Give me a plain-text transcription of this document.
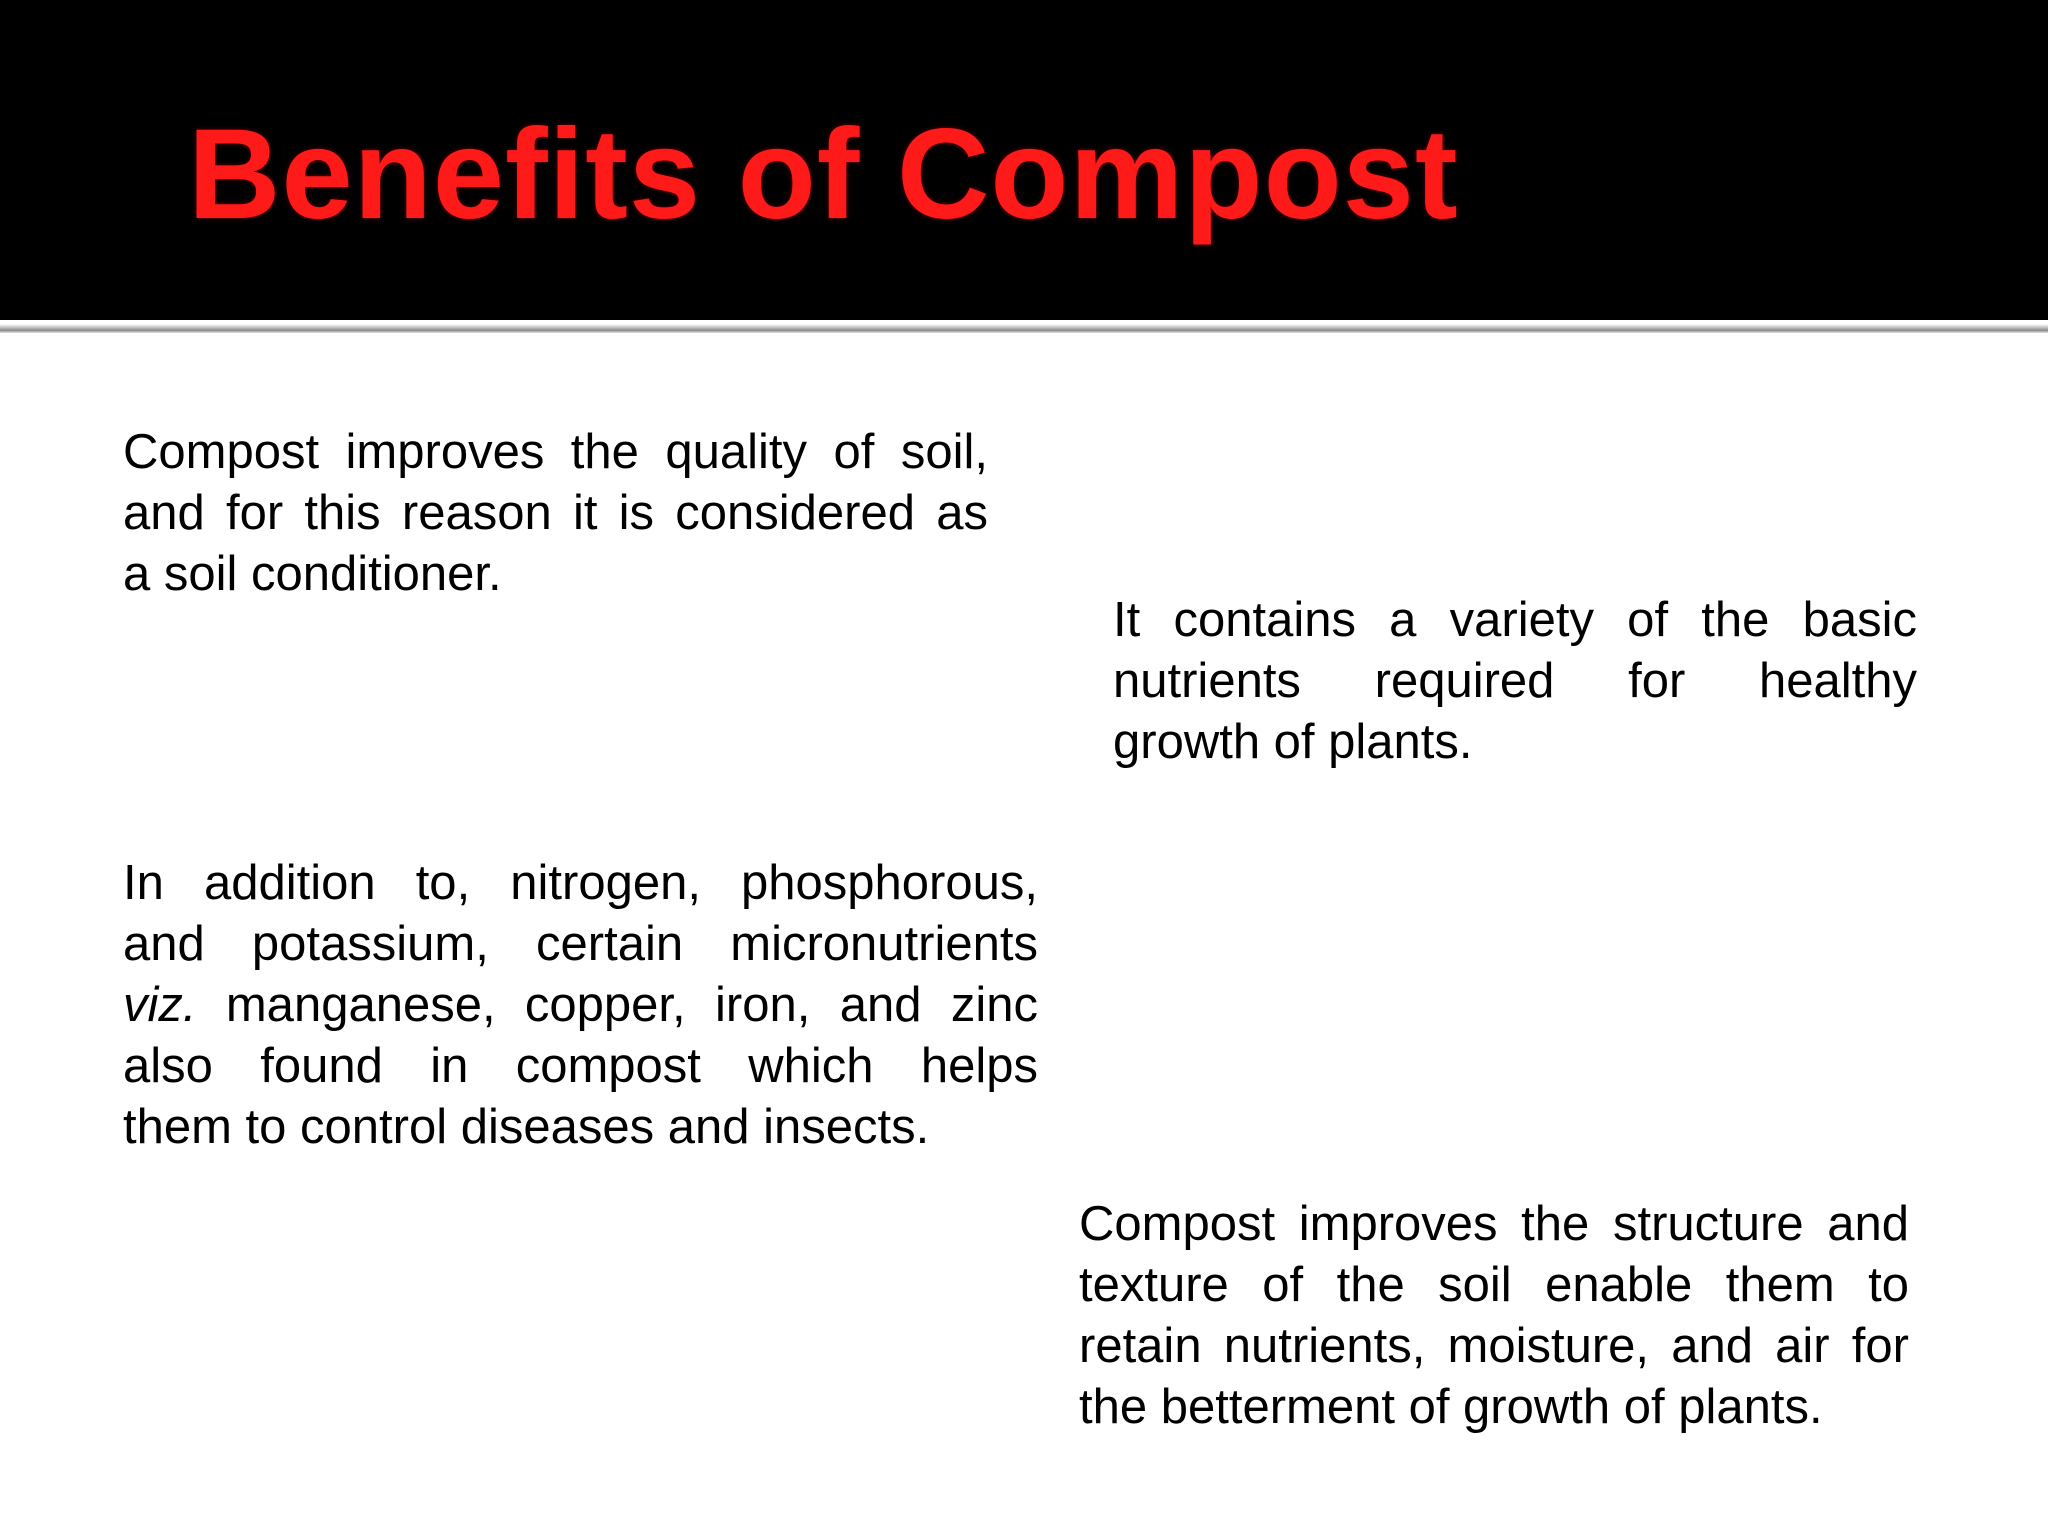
Benefits of Compost
Compost improves the quality of soil,
and for this reason it is considered as
a soil conditioner.
It contains a variety of the basic
nutrients required for healthy
growth of plants.
In addition to, nitrogen, phosphorous,
and potassium, certain micronutrients
viz. manganese, copper, iron, and zinc
also found in compost which helps
them to control diseases and insects.
Compost improves the structure and
texture of the soil enable them to
retain nutrients, moisture, and air for
the betterment of growth of plants.
